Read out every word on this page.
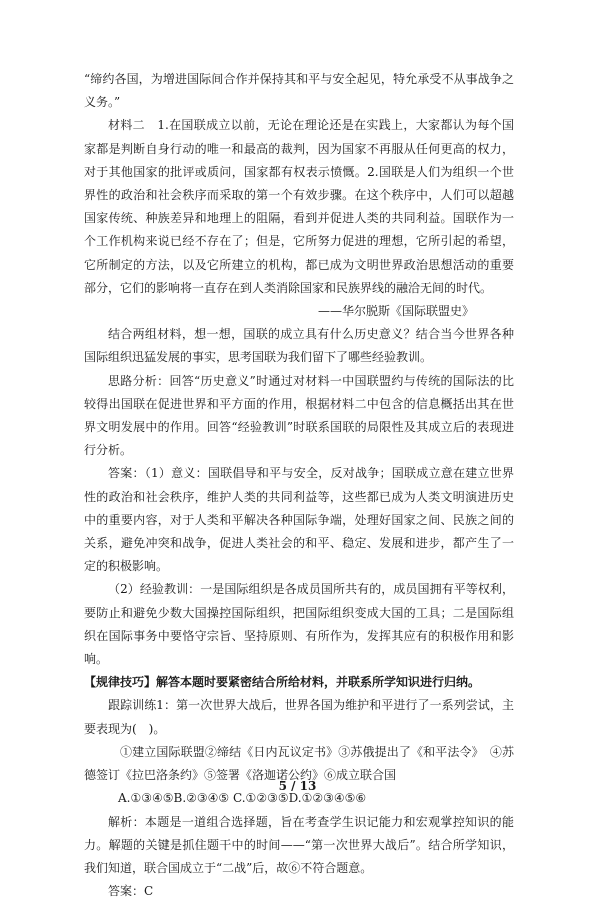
“缔约各国，为增进国际间合作并保持其和平与安全起见，特允承受不从事战争之义务。”

材料二　1.在国联成立以前，无论在理论还是在实践上，大家都认为每个国家都是判断自身行动的唯一和最高的裁判，因为国家不再服从任何更高的权力，对于其他国家的批评或质问，国家都有权表示愤慨。2.国联是人们为组织一个世界性的政治和社会秩序而采取的第一个有效步骤。在这个秩序中，人们可以超越国家传统、种族差异和地理上的阻隔，看到并促进人类的共同利益。国联作为一个工作机构来说已经不存在了；但是，它所努力促进的理想，它所引起的希望，它所制定的方法，以及它所建立的机构，都已成为文明世界政治思想活动的重要部分，它们的影响将一直存在到人类消除国家和民族界线的融洽无间的时代。

——华尔脱斯《国际联盟史》

结合两组材料，想一想，国联的成立具有什么历史意义？结合当今世界各种国际组织迅猛发展的事实，思考国联为我们留下了哪些经验教训。

思路分析：回答“历史意义”时通过对材料一中国联盟约与传统的国际法的比较得出国联在促进世界和平方面的作用，根据材料二中包含的信息概括出其在世界文明发展中的作用。回答“经验教训”时联系国联的局限性及其成立后的表现进行分析。

答案：（1）意义：国联倡导和平与安全，反对战争；国联成立意在建立世界性的政治和社会秩序，维护人类的共同利益等，这些都已成为人类文明演进历史中的重要内容，对于人类和平解决各种国际争端，处理好国家之间、民族之间的关系，避免冲突和战争，促进人类社会的和平、稳定、发展和进步，都产生了一定的积极影响。

（2）经验教训：一是国际组织是各成员国所共有的，成员国拥有平等权利，要防止和避免少数大国操控国际组织，把国际组织变成大国的工具；二是国际组织在国际事务中要恪守宗旨、坚持原则、有所作为，发挥其应有的积极作用和影响。

【规律技巧】解答本题时要紧密结合所给材料，并联系所学知识进行归纳。

跟踪训练1：第一次世界大战后，世界各国为维护和平进行了一系列尝试，主要表现为(　)。

①建立国际联盟②缔结《日内瓦议定书》③苏俄提出了《和平法令》　④苏德签订《拉巴洛条约》⑤签署《洛迦诺公约》⑥成立联合国

A.①③④⑤B.②③④⑤ C.①②③⑤D.①②③④⑤⑥

解析：本题是一道组合选择题，旨在考查学生识记能力和宏观掌控知识的能力。解题的关键是抓住题干中的时间——“第一次世界大战后”。结合所学知识，我们知道，联合国成立于“二战”后，故⑥不符合题意。

答案：C

5 / 13
